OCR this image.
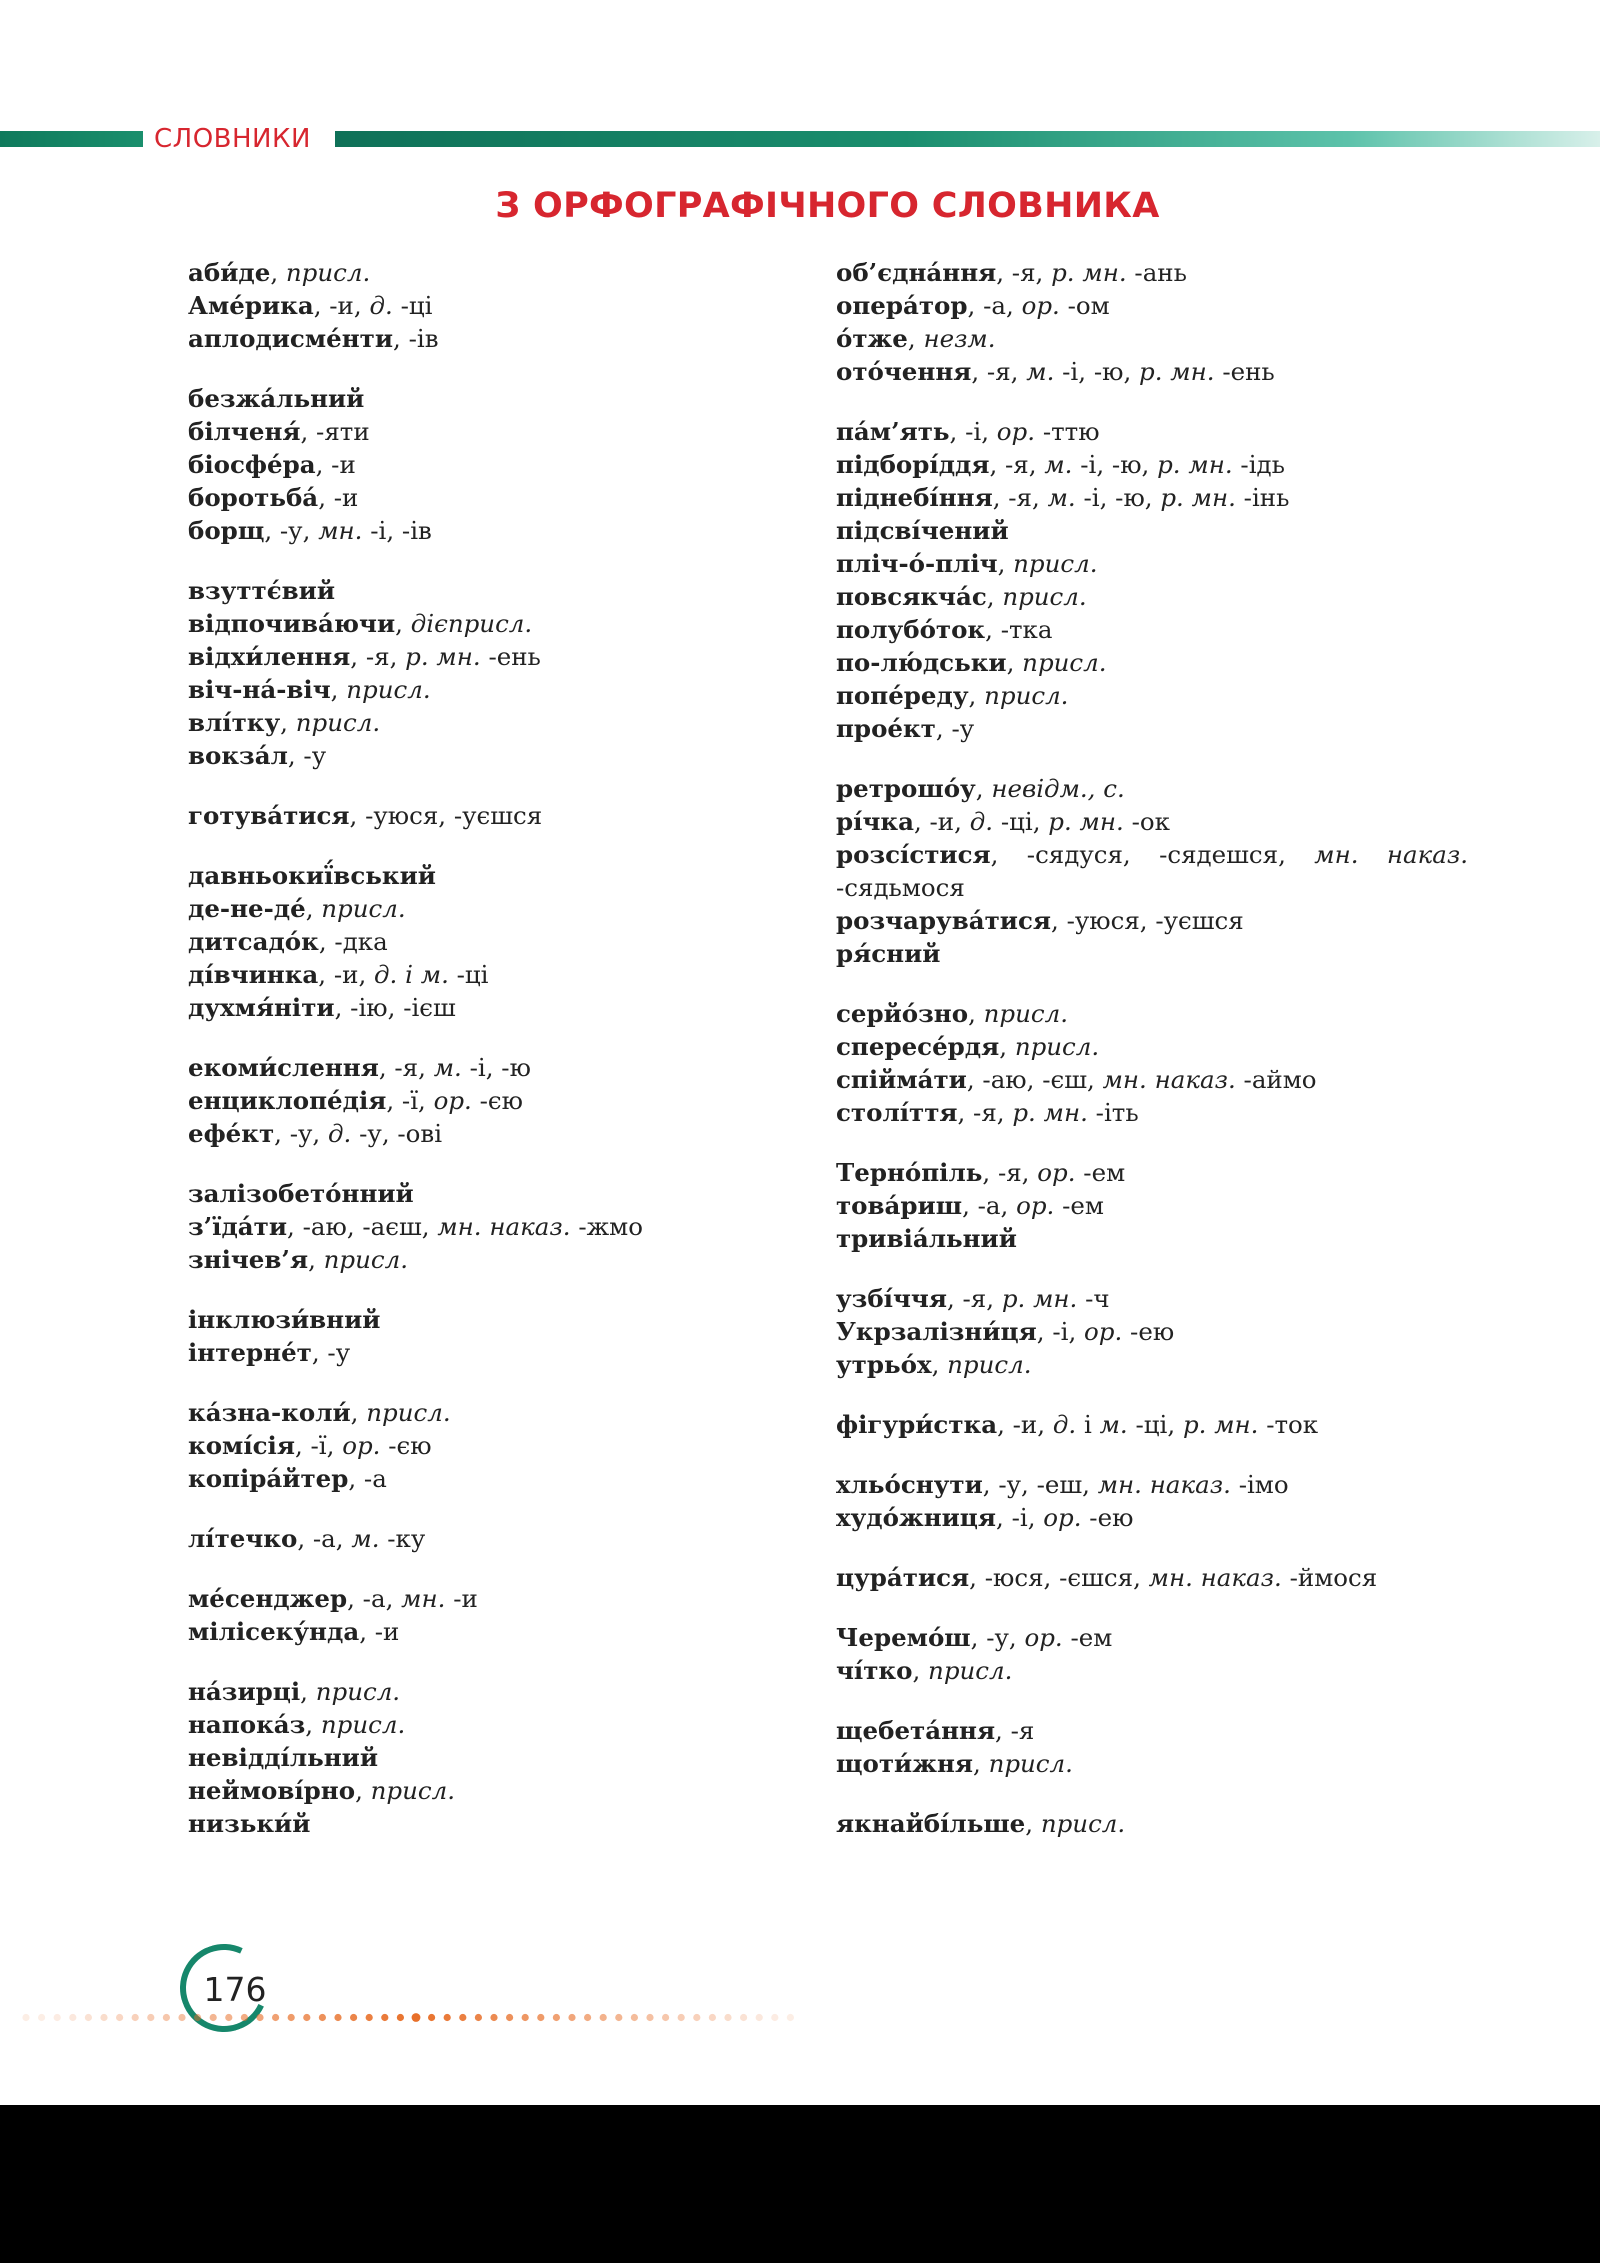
СЛОВНИКИ
З ОРФОГРАФІЧНОГО СЛОВНИКА
аби́де, присл.
Аме́рика, -и, д. -ці
аплодисме́нти, -ів
безжа́льний
білченя́, -яти
біосфе́ра, -и
боротьба́, -и
борщ, -у, мн. -і, -ів
взуттє́вий
відпочива́ючи, дієприсл.
відхи́лення, -я, р. мн. -ень
віч-на́-віч, присл.
влі́тку, присл.
вокза́л, -у
готува́тися, -уюся, -уєшся
давньокиї́вський
де-не-де́, присл.
дитсадо́к, -дка
ді́вчинка, -и, д. і м. -ці
духмя́ніти, -ію, -ієш
екоми́слення, -я, м. -і, -ю
енциклопе́дія, -ї, ор. -єю
ефе́кт, -у, д. -у, -ові
залізобето́нний
з’їда́ти, -аю, -аєш, мн. наказ. -жмо
знічев’я, присл.
інклюзи́вний
інтерне́т, -у
ка́зна-коли́, присл.
комі́сія, -ї, ор. -єю
копіра́йтер, -а
лі́течко, -а, м. -ку
ме́сенджер, -а, мн. -и
мілісеку́нда, -и
на́зирці, присл.
напока́з, присл.
невідді́льний
неймові́рно, присл.
низьки́й
об’єдна́ння, -я, р. мн. -ань
опера́тор, -а, ор. -ом
о́тже, незм.
ото́чення, -я, м. -і, -ю, р. мн. -ень
па́м’ять, -і, ор. -ттю
підборі́ддя, -я, м. -і, -ю, р. мн. -ідь
піднебі́ння, -я, м. -і, -ю, р. мн. -інь
підсві́чений
пліч-о́-пліч, присл.
повсякча́с, присл.
полубо́ток, -тка
по-лю́дськи, присл.
попе́реду, присл.
прое́кт, -у
ретрошо́у, невідм., с.
рі́чка, -и, д. -ці, р. мн. -ок
розсі́стися, -сядуся, -сядешся, мн. наказ. -сядьмося
розчарува́тися, -уюся, -уєшся
ря́сний
серйо́зно, присл.
спересе́рдя, присл.
спійма́ти, -аю, -єш, мн. наказ. -аймо
столі́ття, -я, р. мн. -іть
Терно́піль, -я, ор. -ем
това́риш, -а, ор. -ем
тривіа́льний
узбі́ччя, -я, р. мн. -ч
Укрзалізни́ця, -і, ор. -ею
утрьо́х, присл.
фігури́стка, -и, д. і м. -ці, р. мн. -ток
хльо́снути, -у, -еш, мн. наказ. -імо
худо́жниця, -і, ор. -ею
цура́тися, -юся, -єшся, мн. наказ. -ймося
Черемо́ш, -у, ор. -ем
чі́тко, присл.
щебета́ння, -я
щоти́жня, присл.
якнайбі́льше, присл.
176
